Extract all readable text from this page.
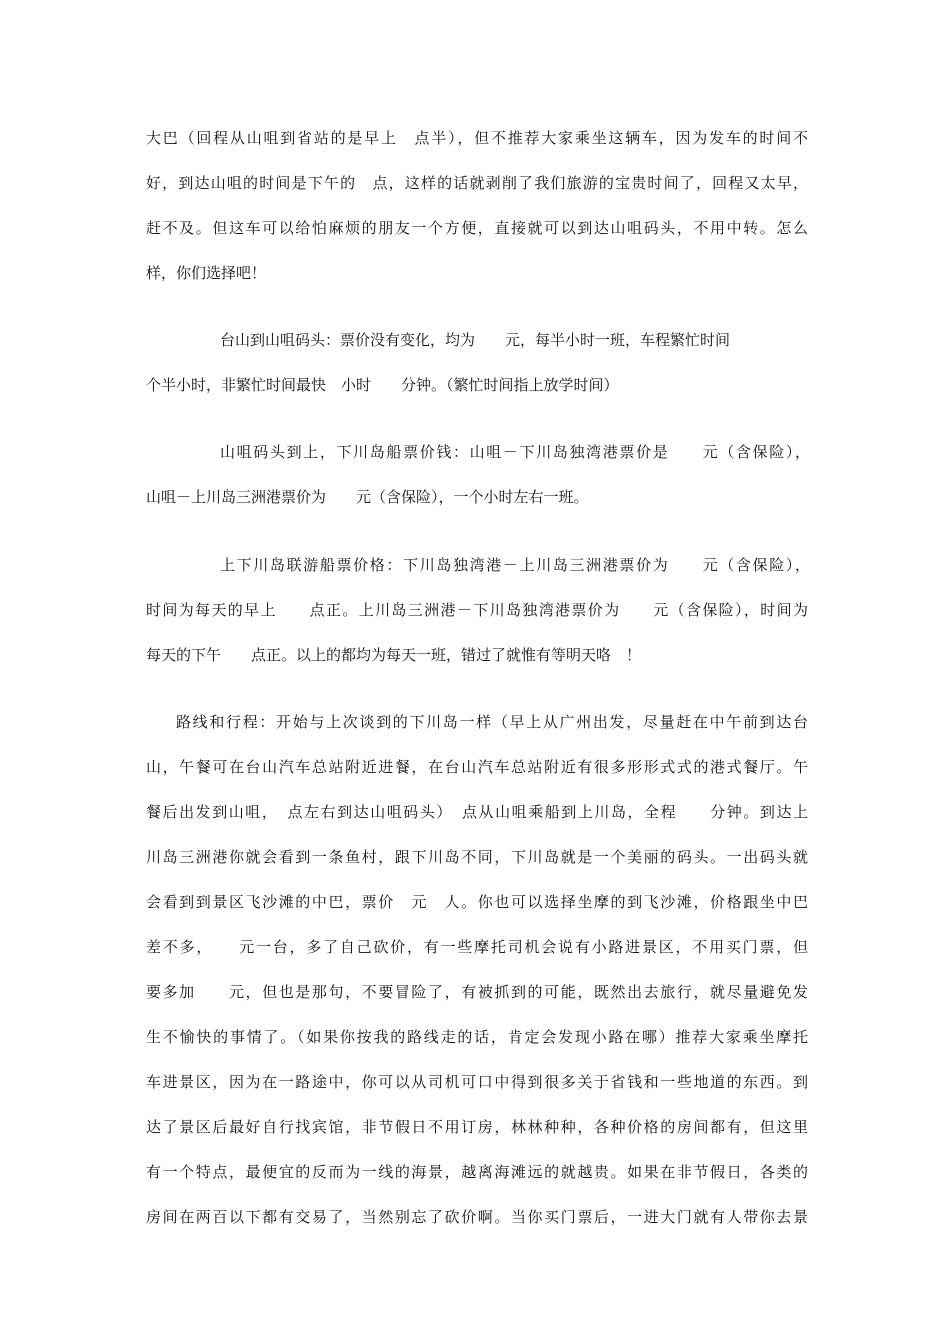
大巴（回程从山咀到省站的是早上　点半），但不推荐大家乘坐这辆车，因为发车的时间不
好，到达山咀的时间是下午的　点，这样的话就剥削了我们旅游的宝贵时间了，回程又太早，
赶不及。但这车可以给怕麻烦的朋友一个方便，直接就可以到达山咀码头，不用中转。怎么
样，你们选择吧！
台山到山咀码头：票价没有变化，均为　　元，每半小时一班，车程繁忙时间
个半小时，非繁忙时间最快　小时　　分钟。（繁忙时间指上放学时间）
山咀码头到上，下川岛船票价钱：山咀－下川岛独湾港票价是　　元（含保险），
山咀－上川岛三洲港票价为　　元（含保险），一个小时左右一班。
上下川岛联游船票价格：下川岛独湾港－上川岛三洲港票价为　　元（含保险），
时间为每天的早上　　点正。上川岛三洲港－下川岛独湾港票价为　　元（含保险），时间为
每天的下午　　点正。以上的都均为每天一班，错过了就惟有等明天咯　！
路线和行程：开始与上次谈到的下川岛一样（早上从广州出发，尽量赶在中午前到达台
山，午餐可在台山汽车总站附近进餐，在台山汽车总站附近有很多形形式式的港式餐厅。午
餐后出发到山咀，　点左右到达山咀码头）　点从山咀乘船到上川岛，全程　　分钟。到达上
川岛三洲港你就会看到一条鱼村，跟下川岛不同，下川岛就是一个美丽的码头。一出码头就
会看到到景区飞沙滩的中巴，票价　元　人。你也可以选择坐摩的到飞沙滩，价格跟坐中巴
差不多，　　元一台，多了自己砍价，有一些摩托司机会说有小路进景区，不用买门票，但
要多加　　元，但也是那句，不要冒险了，有被抓到的可能，既然出去旅行，就尽量避免发
生不愉快的事情了。（如果你按我的路线走的话，肯定会发现小路在哪）推荐大家乘坐摩托
车进景区，因为在一路途中，你可以从司机可口中得到很多关于省钱和一些地道的东西。到
达了景区后最好自行找宾馆，非节假日不用订房，林林种种，各种价格的房间都有，但这里
有一个特点，最便宜的反而为一线的海景，越离海滩远的就越贵。如果在非节假日，各类的
房间在两百以下都有交易了，当然别忘了砍价啊。当你买门票后，一进大门就有人带你去景
